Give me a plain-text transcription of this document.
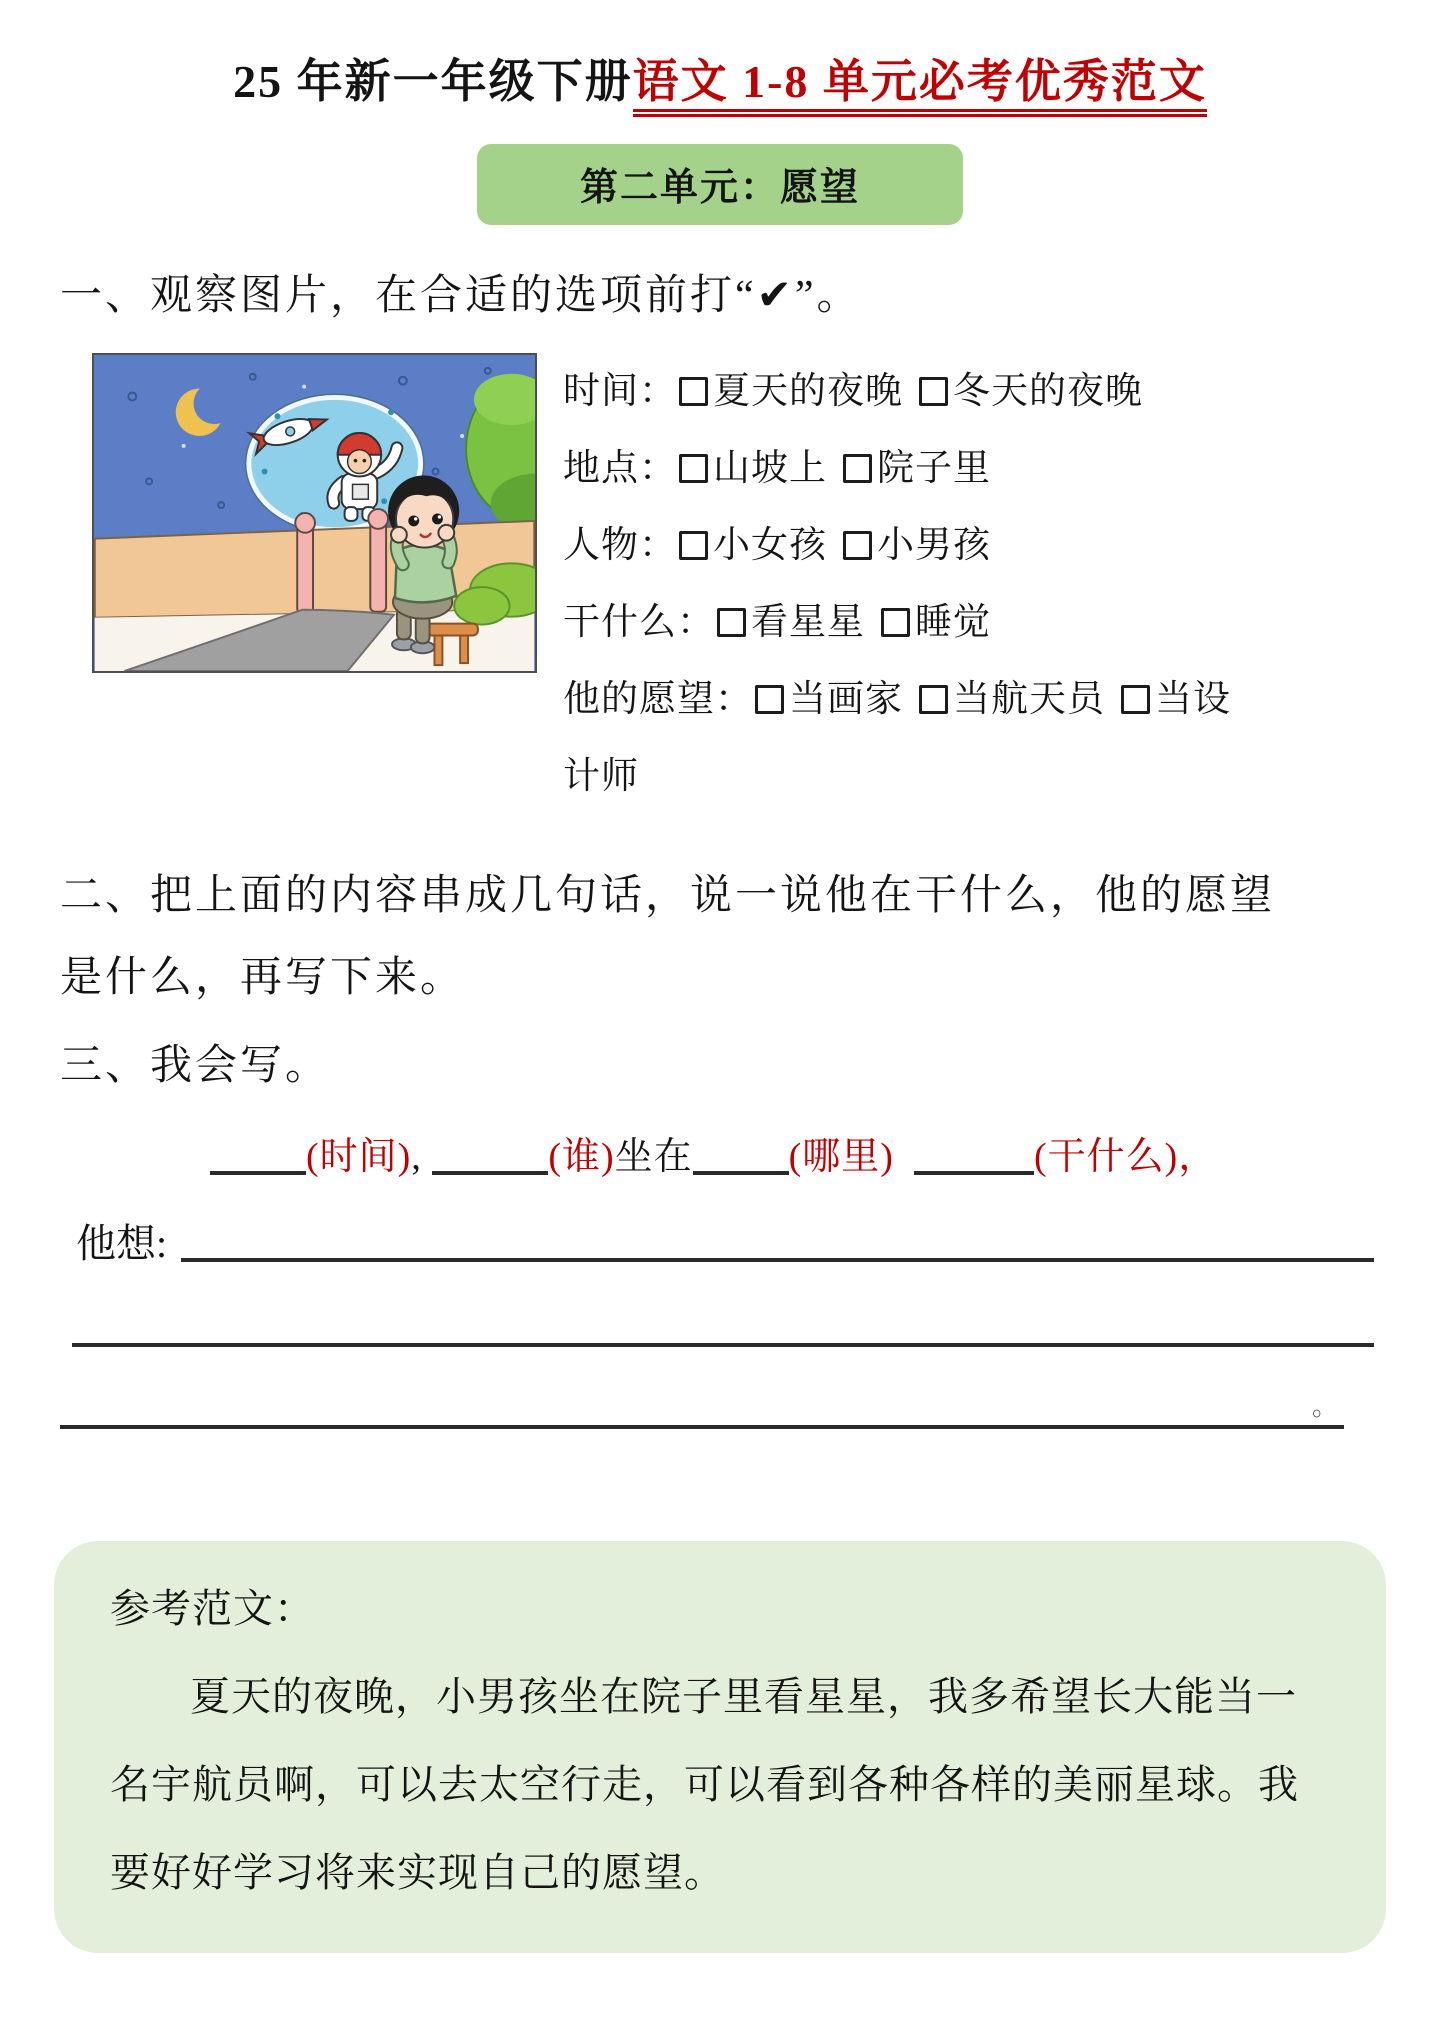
25 年新一年级下册语文 1-8 单元必考优秀范文
第二单元：愿望
一、观察图片，在合适的选项前打“✔”。
时间： 夏天的夜晚 冬天的夜晚
地点： 山坡上 院子里
人物： 小女孩 小男孩
干什么： 看星星 睡觉
他的愿望： 当画家 当航天员 当设计师
二、把上面的内容串成几句话，说一说他在干什么，他的愿望是什么，再写下来。
三、我会写。
(时间),	(谁)坐在	(哪里)	(干什么)，
他想:
。
参考范文：
夏天的夜晚，小男孩坐在院子里看星星，我多希望长大能当一名宇航员啊，可以去太空行走，可以看到各种各样的美丽星球。我要好好学习将来实现自己的愿望。
